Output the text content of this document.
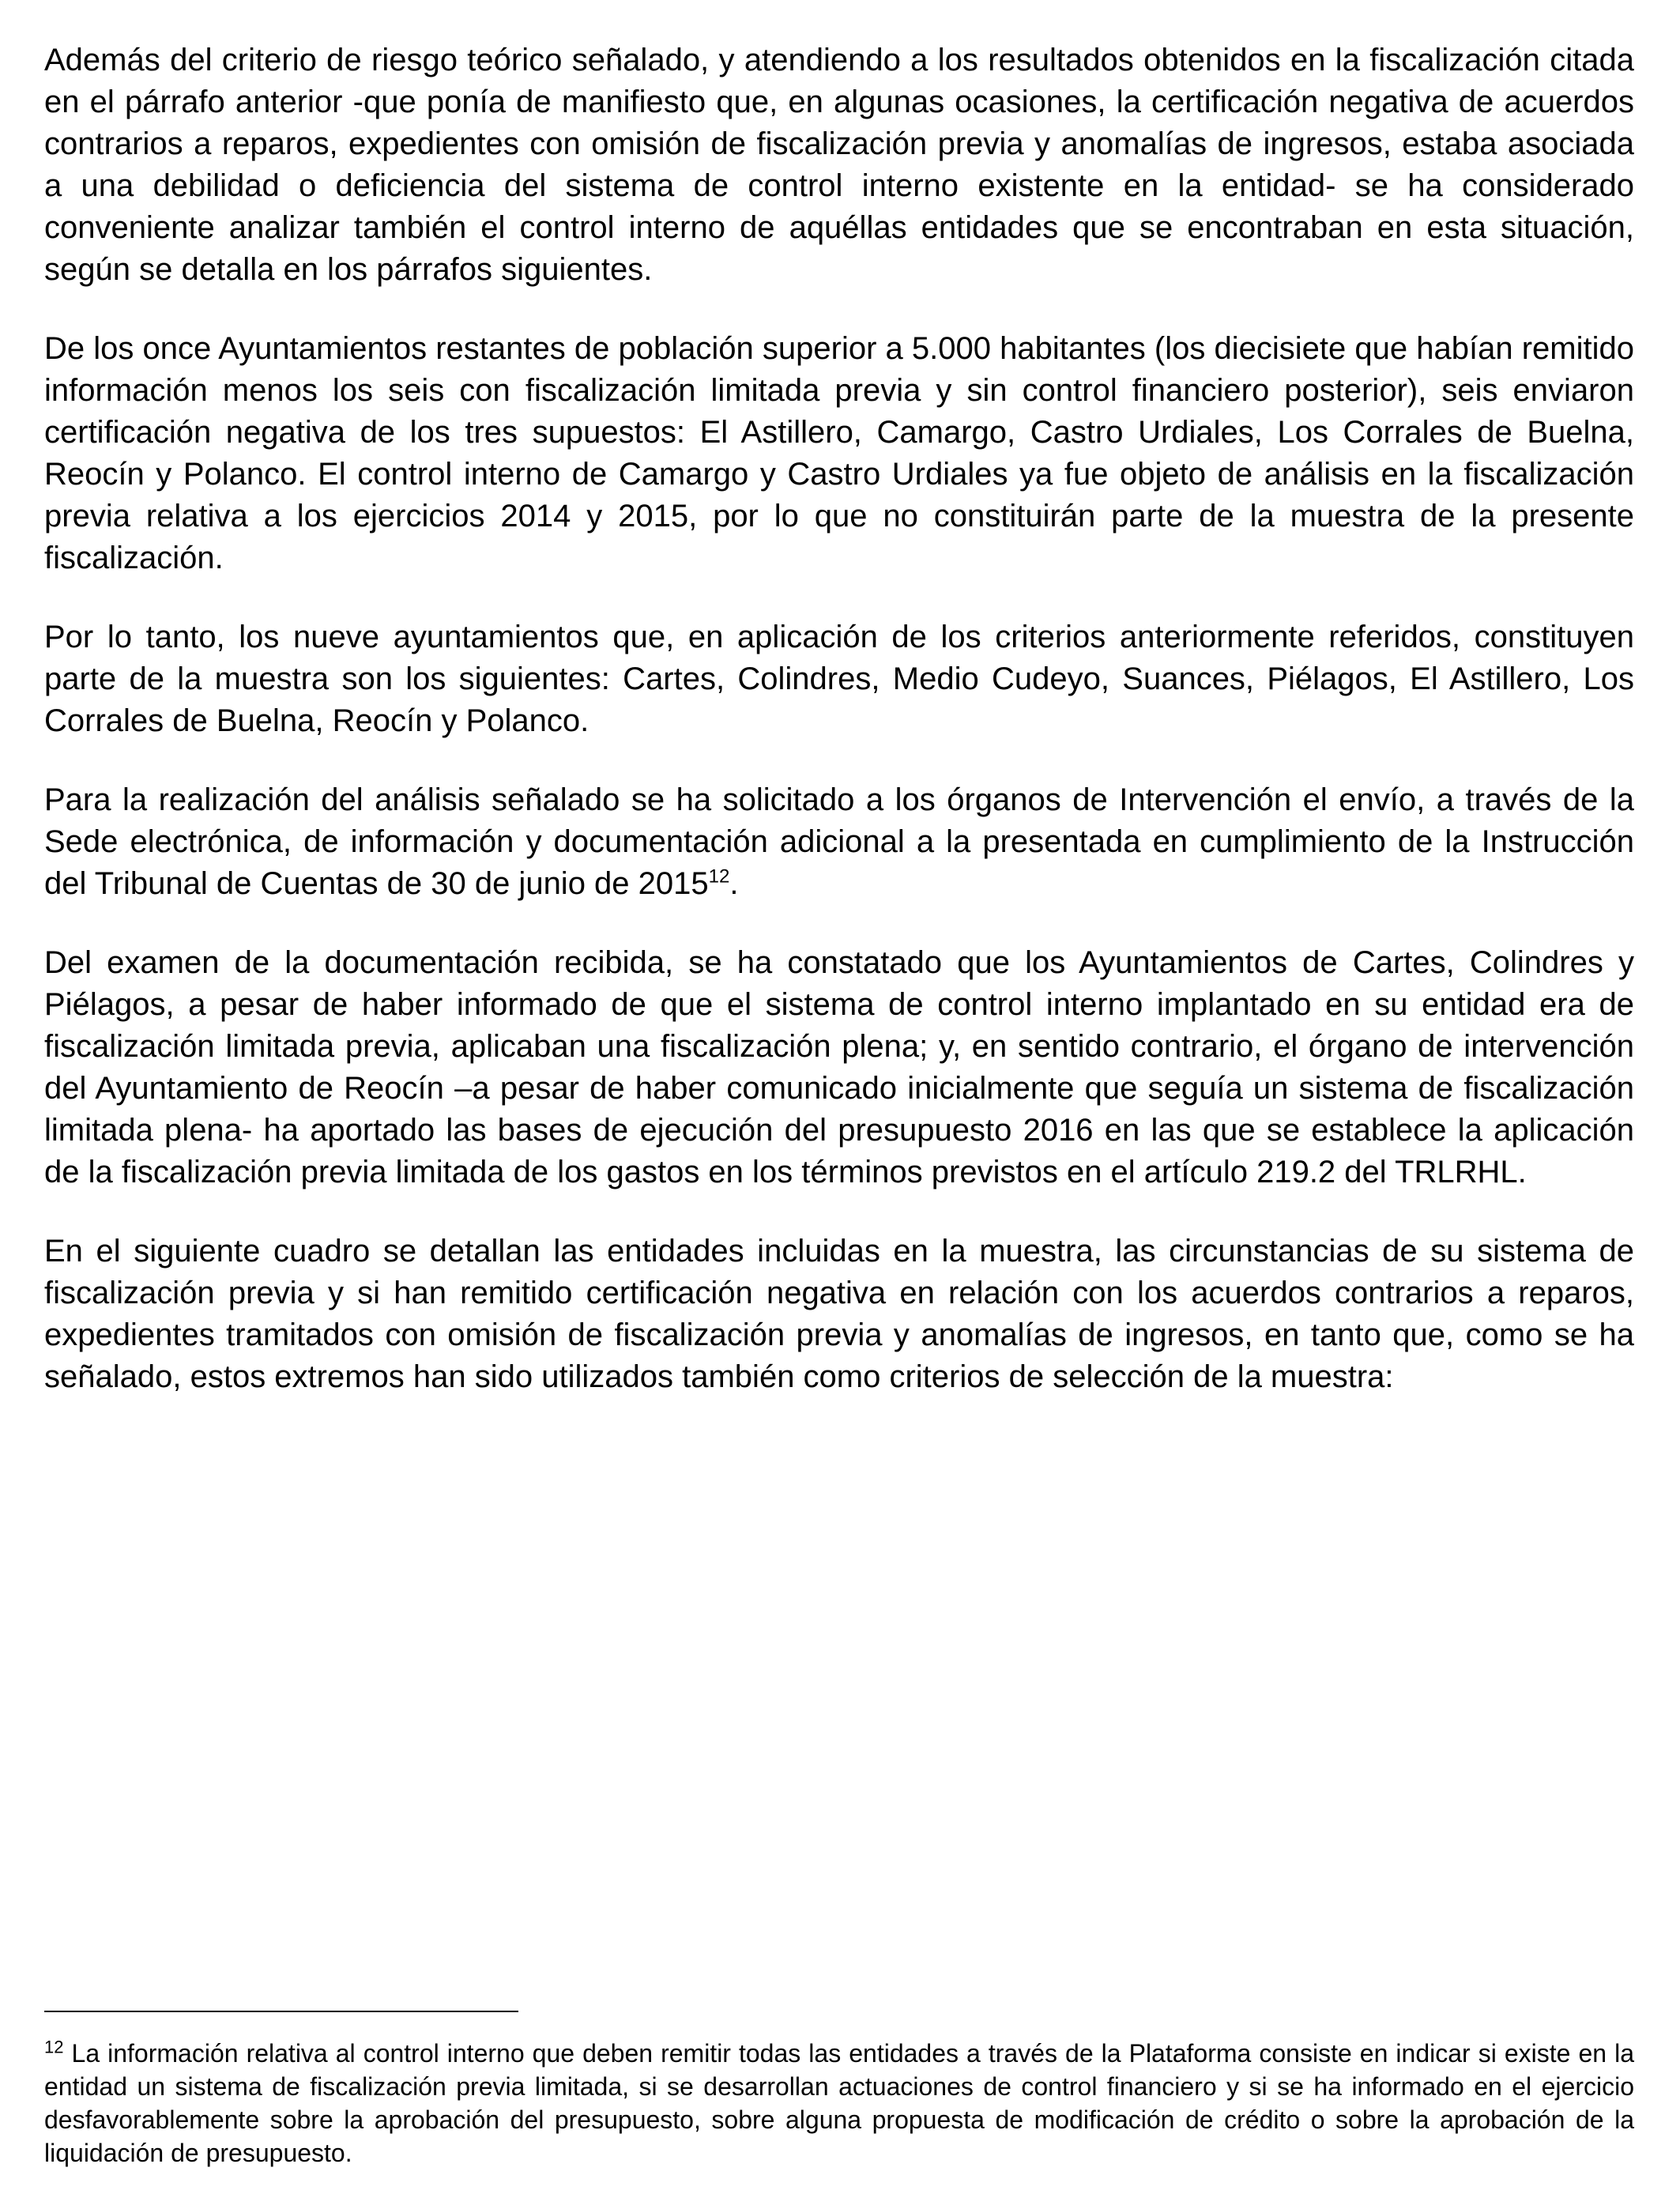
Además del criterio de riesgo teórico señalado, y atendiendo a los resultados obtenidos en la fiscalización citada en el párrafo anterior -que ponía de manifiesto que, en algunas ocasiones, la certificación negativa de acuerdos contrarios a reparos, expedientes con omisión de fiscalización previa y anomalías de ingresos, estaba asociada a una debilidad o deficiencia del sistema de control interno existente en la entidad- se ha considerado conveniente analizar también el control interno de aquéllas entidades que se encontraban en esta situación, según se detalla en los párrafos siguientes.

De los once Ayuntamientos restantes de población superior a 5.000 habitantes (los diecisiete que habían remitido información menos los seis con fiscalización limitada previa y sin control financiero posterior), seis enviaron certificación negativa de los tres supuestos: El Astillero, Camargo, Castro Urdiales, Los Corrales de Buelna, Reocín y Polanco. El control interno de Camargo y Castro Urdiales ya fue objeto de análisis en la fiscalización previa relativa a los ejercicios 2014 y 2015, por lo que no constituirán parte de la muestra de la presente fiscalización.

Por lo tanto, los nueve ayuntamientos que, en aplicación de los criterios anteriormente referidos, constituyen parte de la muestra son los siguientes: Cartes, Colindres, Medio Cudeyo, Suances, Piélagos, El Astillero, Los Corrales de Buelna, Reocín y Polanco.

Para la realización del análisis señalado se ha solicitado a los órganos de Intervención el envío, a través de la Sede electrónica, de información y documentación adicional a la presentada en cumplimiento de la Instrucción del Tribunal de Cuentas de 30 de junio de 2015$^{12}$.

Del examen de la documentación recibida, se ha constatado que los Ayuntamientos de Cartes, Colindres y Piélagos, a pesar de haber informado de que el sistema de control interno implantado en su entidad era de fiscalización limitada previa, aplicaban una fiscalización plena; y, en sentido contrario, el órgano de intervención del Ayuntamiento de Reocín –a pesar de haber comunicado inicialmente que seguía un sistema de fiscalización limitada plena- ha aportado las bases de ejecución del presupuesto 2016 en las que se establece la aplicación de la fiscalización previa limitada de los gastos en los términos previstos en el artículo 219.2 del TRLRHL.

En el siguiente cuadro se detallan las entidades incluidas en la muestra, las circunstancias de su sistema de fiscalización previa y si han remitido certificación negativa en relación con los acuerdos contrarios a reparos, expedientes tramitados con omisión de fiscalización previa y anomalías de ingresos, en tanto que, como se ha señalado, estos extremos han sido utilizados también como criterios de selección de la muestra:

$^{12}$ La información relativa al control interno que deben remitir todas las entidades a través de la Plataforma consiste en indicar si existe en la entidad un sistema de fiscalización previa limitada, si se desarrollan actuaciones de control financiero y si se ha informado en el ejercicio desfavorablemente sobre la aprobación del presupuesto, sobre alguna propuesta de modificación de crédito o sobre la aprobación de la liquidación de presupuesto.
